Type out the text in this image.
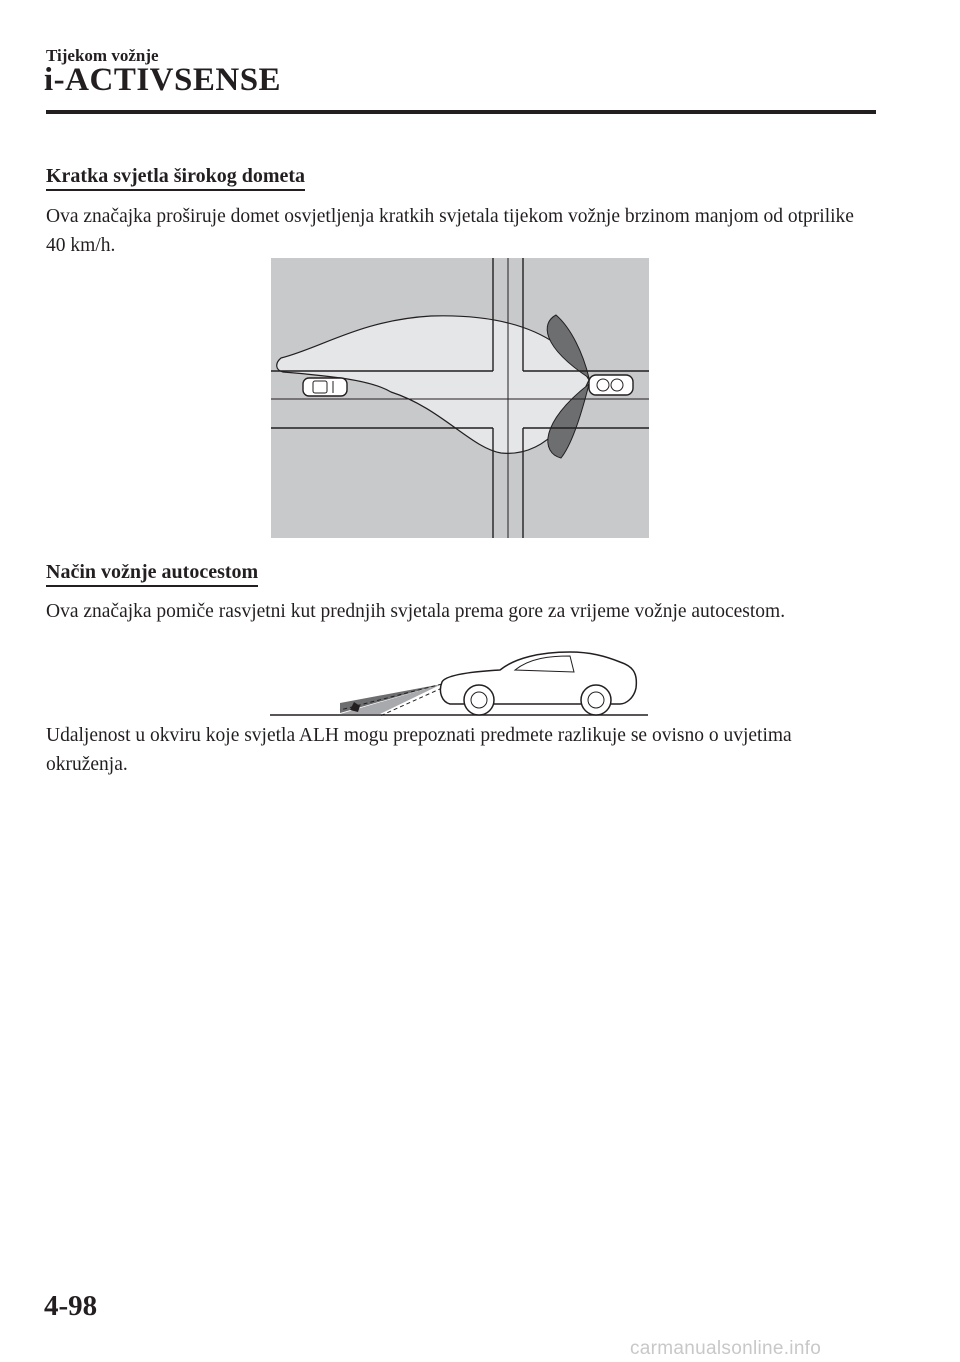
Tijekom vožnje
i-ACTIVSENSE
Kratka svjetla širokog dometa
Ova značajka proširuje domet osvjetljenja kratkih svjetala tijekom vožnje brzinom manjom od otprilike 40 km/h.
Način vožnje autocestom
Ova značajka pomiče rasvjetni kut prednjih svjetala prema gore za vrijeme vožnje autocestom.
Udaljenost u okviru koje svjetla ALH mogu prepoznati predmete razlikuje se ovisno o uvjetima okruženja.
4-98
carmanualsonline.info
